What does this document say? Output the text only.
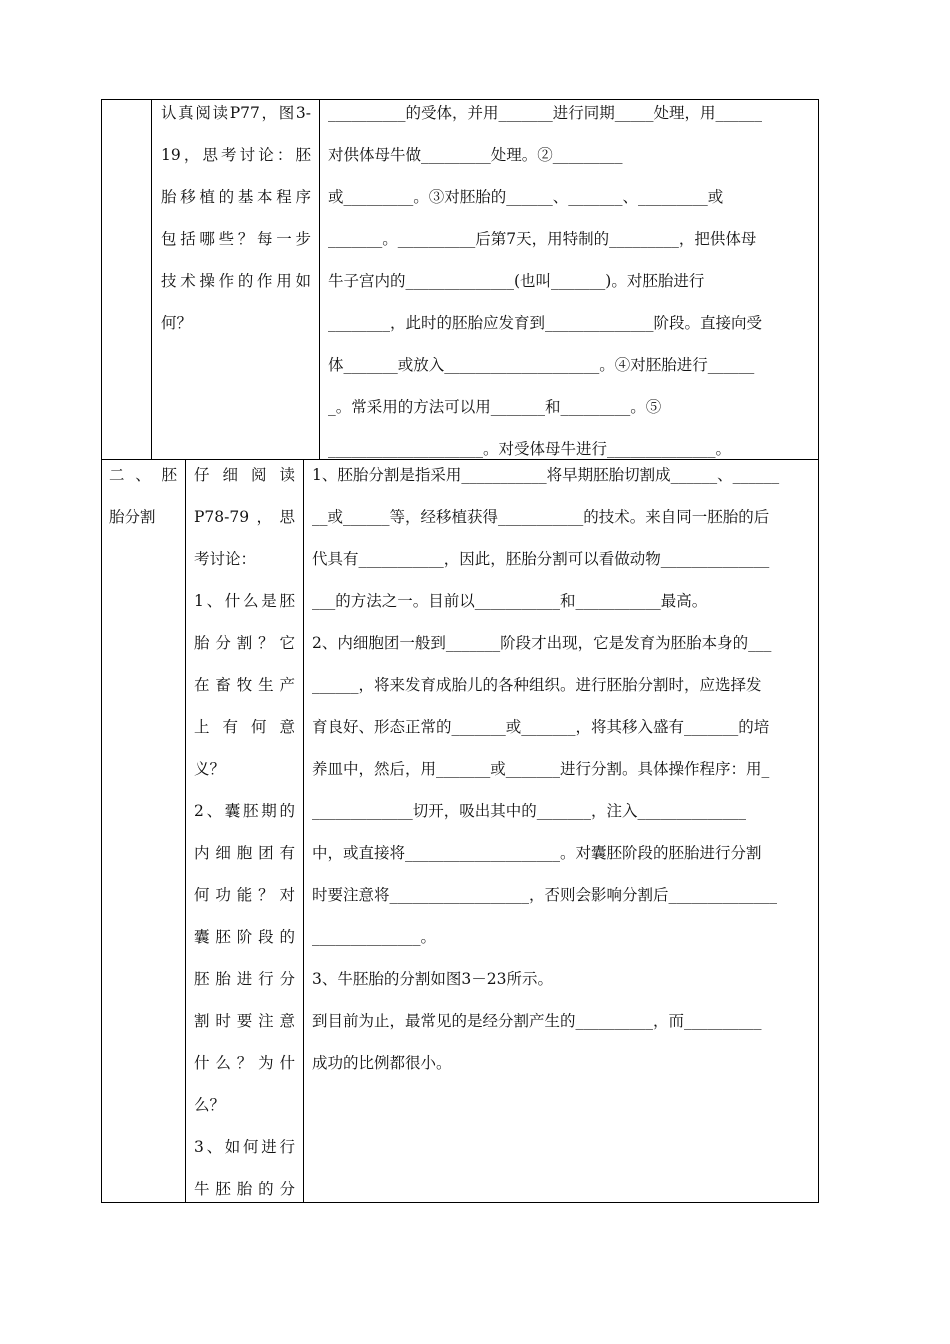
认真阅读P77，图3-

19，思考讨论：胚

胎移植的基本程序

包括哪些？每一步

技术操作的作用如

何？

__________的受体，并用_______进行同期_____处理，用______

对供体母牛做_________处理。②_________

或_________。③对胚胎的______、_______、_________或

_______。__________后第7天，用特制的_________，把供体母

牛子宫内的______________(也叫_______)。对胚胎进行

________，此时的胚胎应发育到______________阶段。直接向受

体_______或放入____________________。④对胚胎进行______

_。常采用的方法可以用_______和_________。⑤

____________________。对受体母牛进行______________。

二、胚

胎分割

仔细阅读

P78-79，思

考讨论：

1、什么是胚

胎分割？它

在畜牧生产

上有何意

义？

2、囊胚期的

内细胞团有

何功能？对

囊胚阶段的

胚胎进行分

割时要注意

什么？为什

么？

3、如何进行

牛胚胎的分

1、胚胎分割是指采用___________将早期胚胎切割成______、______

__或______等，经移植获得___________的技术。来自同一胚胎的后

代具有___________，因此，胚胎分割可以看做动物______________

___的方法之一。目前以___________和___________最高。

2、内细胞团一般到_______阶段才出现，它是发育为胚胎本身的___

______，将来发育成胎儿的各种组织。进行胚胎分割时，应选择发

育良好、形态正常的_______或_______，将其移入盛有_______的培

养皿中，然后，用_______或_______进行分割。具体操作程序：用_

_____________切开，吸出其中的_______，注入______________

中，或直接将____________________。对囊胚阶段的胚胎进行分割

时要注意将__________________，否则会影响分割后______________

______________。

3、牛胚胎的分割如图3－23所示。

到目前为止，最常见的是经分割产生的__________，而__________

成功的比例都很小。
